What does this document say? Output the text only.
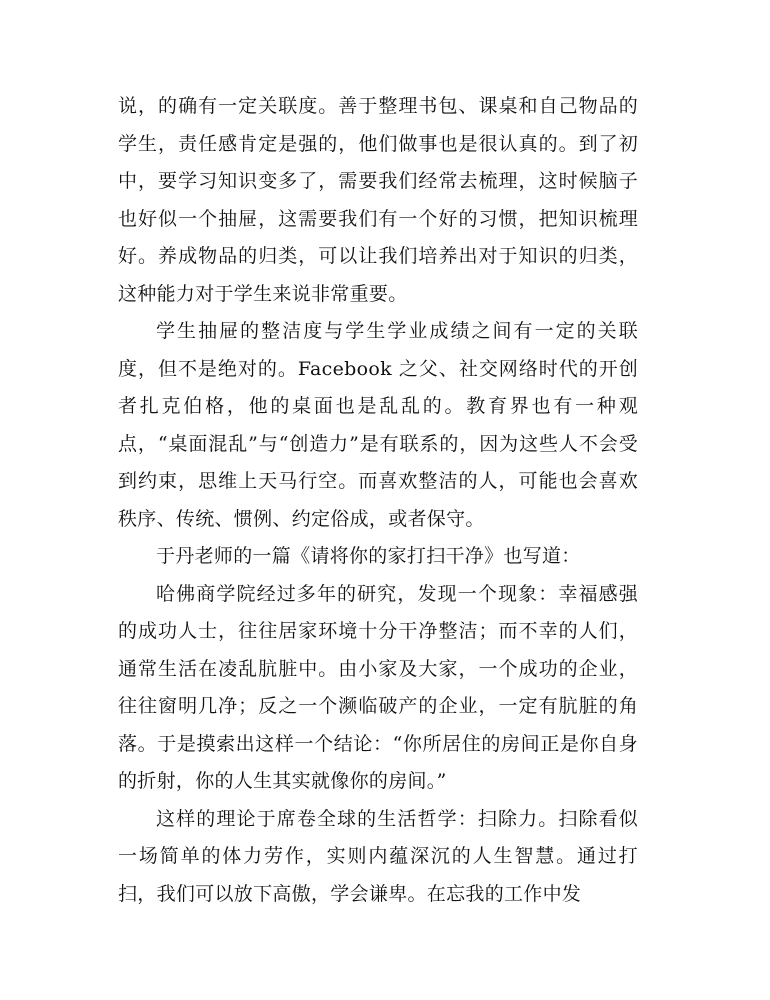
说，的确有一定关联度。善于整理书包、课桌和自己物品的学生，责任感肯定是强的，他们做事也是很认真的。到了初中，要学习知识变多了，需要我们经常去梳理，这时候脑子也好似一个抽屉，这需要我们有一个好的习惯，把知识梳理好。养成物品的归类，可以让我们培养出对于知识的归类，这种能力对于学生来说非常重要。

学生抽屉的整洁度与学生学业成绩之间有一定的关联度，但不是绝对的。Facebook 之父、社交网络时代的开创者扎克伯格，他的桌面也是乱乱的。教育界也有一种观点，“桌面混乱”与“创造力”是有联系的，因为这些人不会受到约束，思维上天马行空。而喜欢整洁的人，可能也会喜欢秩序、传统、惯例、约定俗成，或者保守。

于丹老师的一篇《请将你的家打扫干净》也写道：

哈佛商学院经过多年的研究，发现一个现象：幸福感强的成功人士，往往居家环境十分干净整洁；而不幸的人们，通常生活在凌乱肮脏中。由小家及大家，一个成功的企业，往往窗明几净；反之一个濒临破产的企业，一定有肮脏的角落。于是摸索出这样一个结论：“你所居住的房间正是你自身的折射，你的人生其实就像你的房间。”

这样的理论于席卷全球的生活哲学：扫除力。扫除看似一场简单的体力劳作，实则内蕴深沉的人生智慧。通过打扫，我们可以放下高傲，学会谦卑。在忘我的工作中发
